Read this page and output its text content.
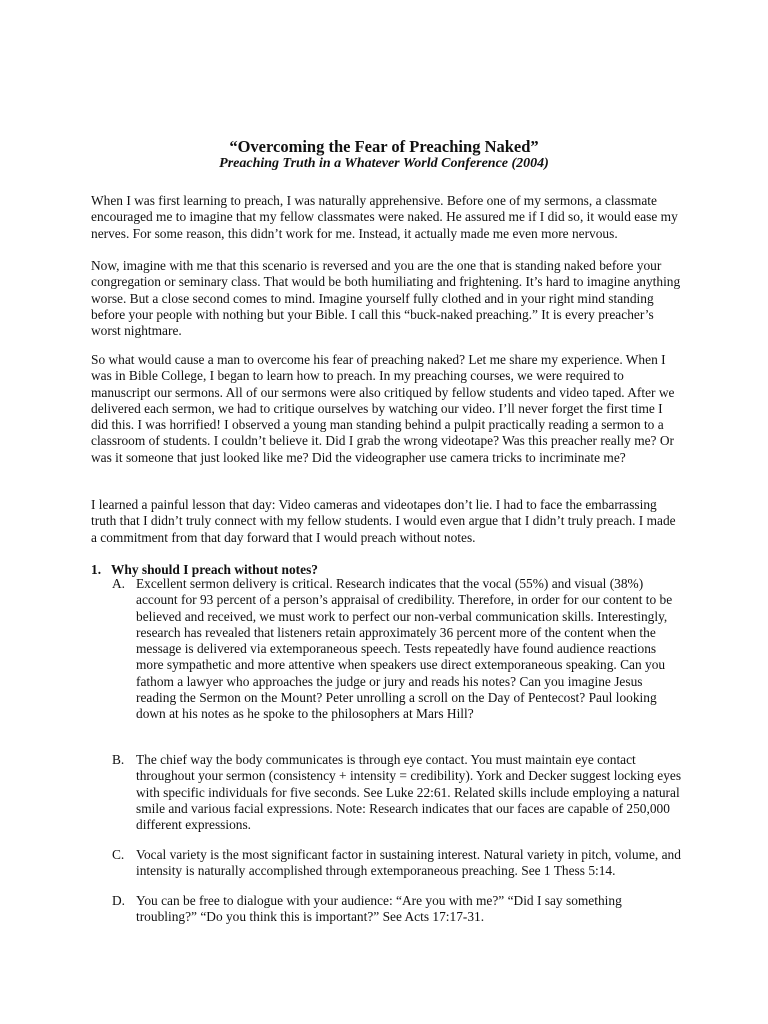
“Overcoming the Fear of Preaching Naked”
Preaching Truth in a Whatever World Conference (2004)

When I was first learning to preach, I was naturally apprehensive. Before one of my sermons, a classmate encouraged me to imagine that my fellow classmates were naked. He assured me if I did so, it would ease my nerves. For some reason, this didn’t work for me. Instead, it actually made me even more nervous.

Now, imagine with me that this scenario is reversed and you are the one that is standing naked before your congregation or seminary class. That would be both humiliating and frightening. It’s hard to imagine anything worse. But a close second comes to mind. Imagine yourself fully clothed and in your right mind standing before your people with nothing but your Bible. I call this “buck-naked preaching.” It is every preacher’s worst nightmare.

So what would cause a man to overcome his fear of preaching naked? Let me share my experience. When I was in Bible College, I began to learn how to preach. In my preaching courses, we were required to manuscript our sermons. All of our sermons were also critiqued by fellow students and video taped. After we delivered each sermon, we had to critique ourselves by watching our video. I’ll never forget the first time I did this. I was horrified! I observed a young man standing behind a pulpit practically reading a sermon to a classroom of students. I couldn’t believe it. Did I grab the wrong videotape? Was this preacher really me? Or was it someone that just looked like me? Did the videographer use camera tricks to incriminate me?

I learned a painful lesson that day: Video cameras and videotapes don’t lie. I had to face the embarrassing truth that I didn’t truly connect with my fellow students. I would even argue that I didn’t truly preach. I made a commitment from that day forward that I would preach without notes.

1. Why should I preach without notes?
A. Excellent sermon delivery is critical. Research indicates that the vocal (55%) and visual (38%) account for 93 percent of a person’s appraisal of credibility. Therefore, in order for our content to be believed and received, we must work to perfect our non-verbal communication skills. Interestingly, research has revealed that listeners retain approximately 36 percent more of the content when the message is delivered via extemporaneous speech. Tests repeatedly have found audience reactions more sympathetic and more attentive when speakers use direct extemporaneous speaking. Can you fathom a lawyer who approaches the judge or jury and reads his notes? Can you imagine Jesus reading the Sermon on the Mount? Peter unrolling a scroll on the Day of Pentecost? Paul looking down at his notes as he spoke to the philosophers at Mars Hill?
B. The chief way the body communicates is through eye contact. You must maintain eye contact throughout your sermon (consistency + intensity = credibility). York and Decker suggest locking eyes with specific individuals for five seconds. See Luke 22:61. Related skills include employing a natural smile and various facial expressions. Note: Research indicates that our faces are capable of 250,000 different expressions.
C. Vocal variety is the most significant factor in sustaining interest. Natural variety in pitch, volume, and intensity is naturally accomplished through extemporaneous preaching. See 1 Thess 5:14.
D. You can be free to dialogue with your audience: “Are you with me?” “Did I say something troubling?” “Do you think this is important?” See Acts 17:17-31.
